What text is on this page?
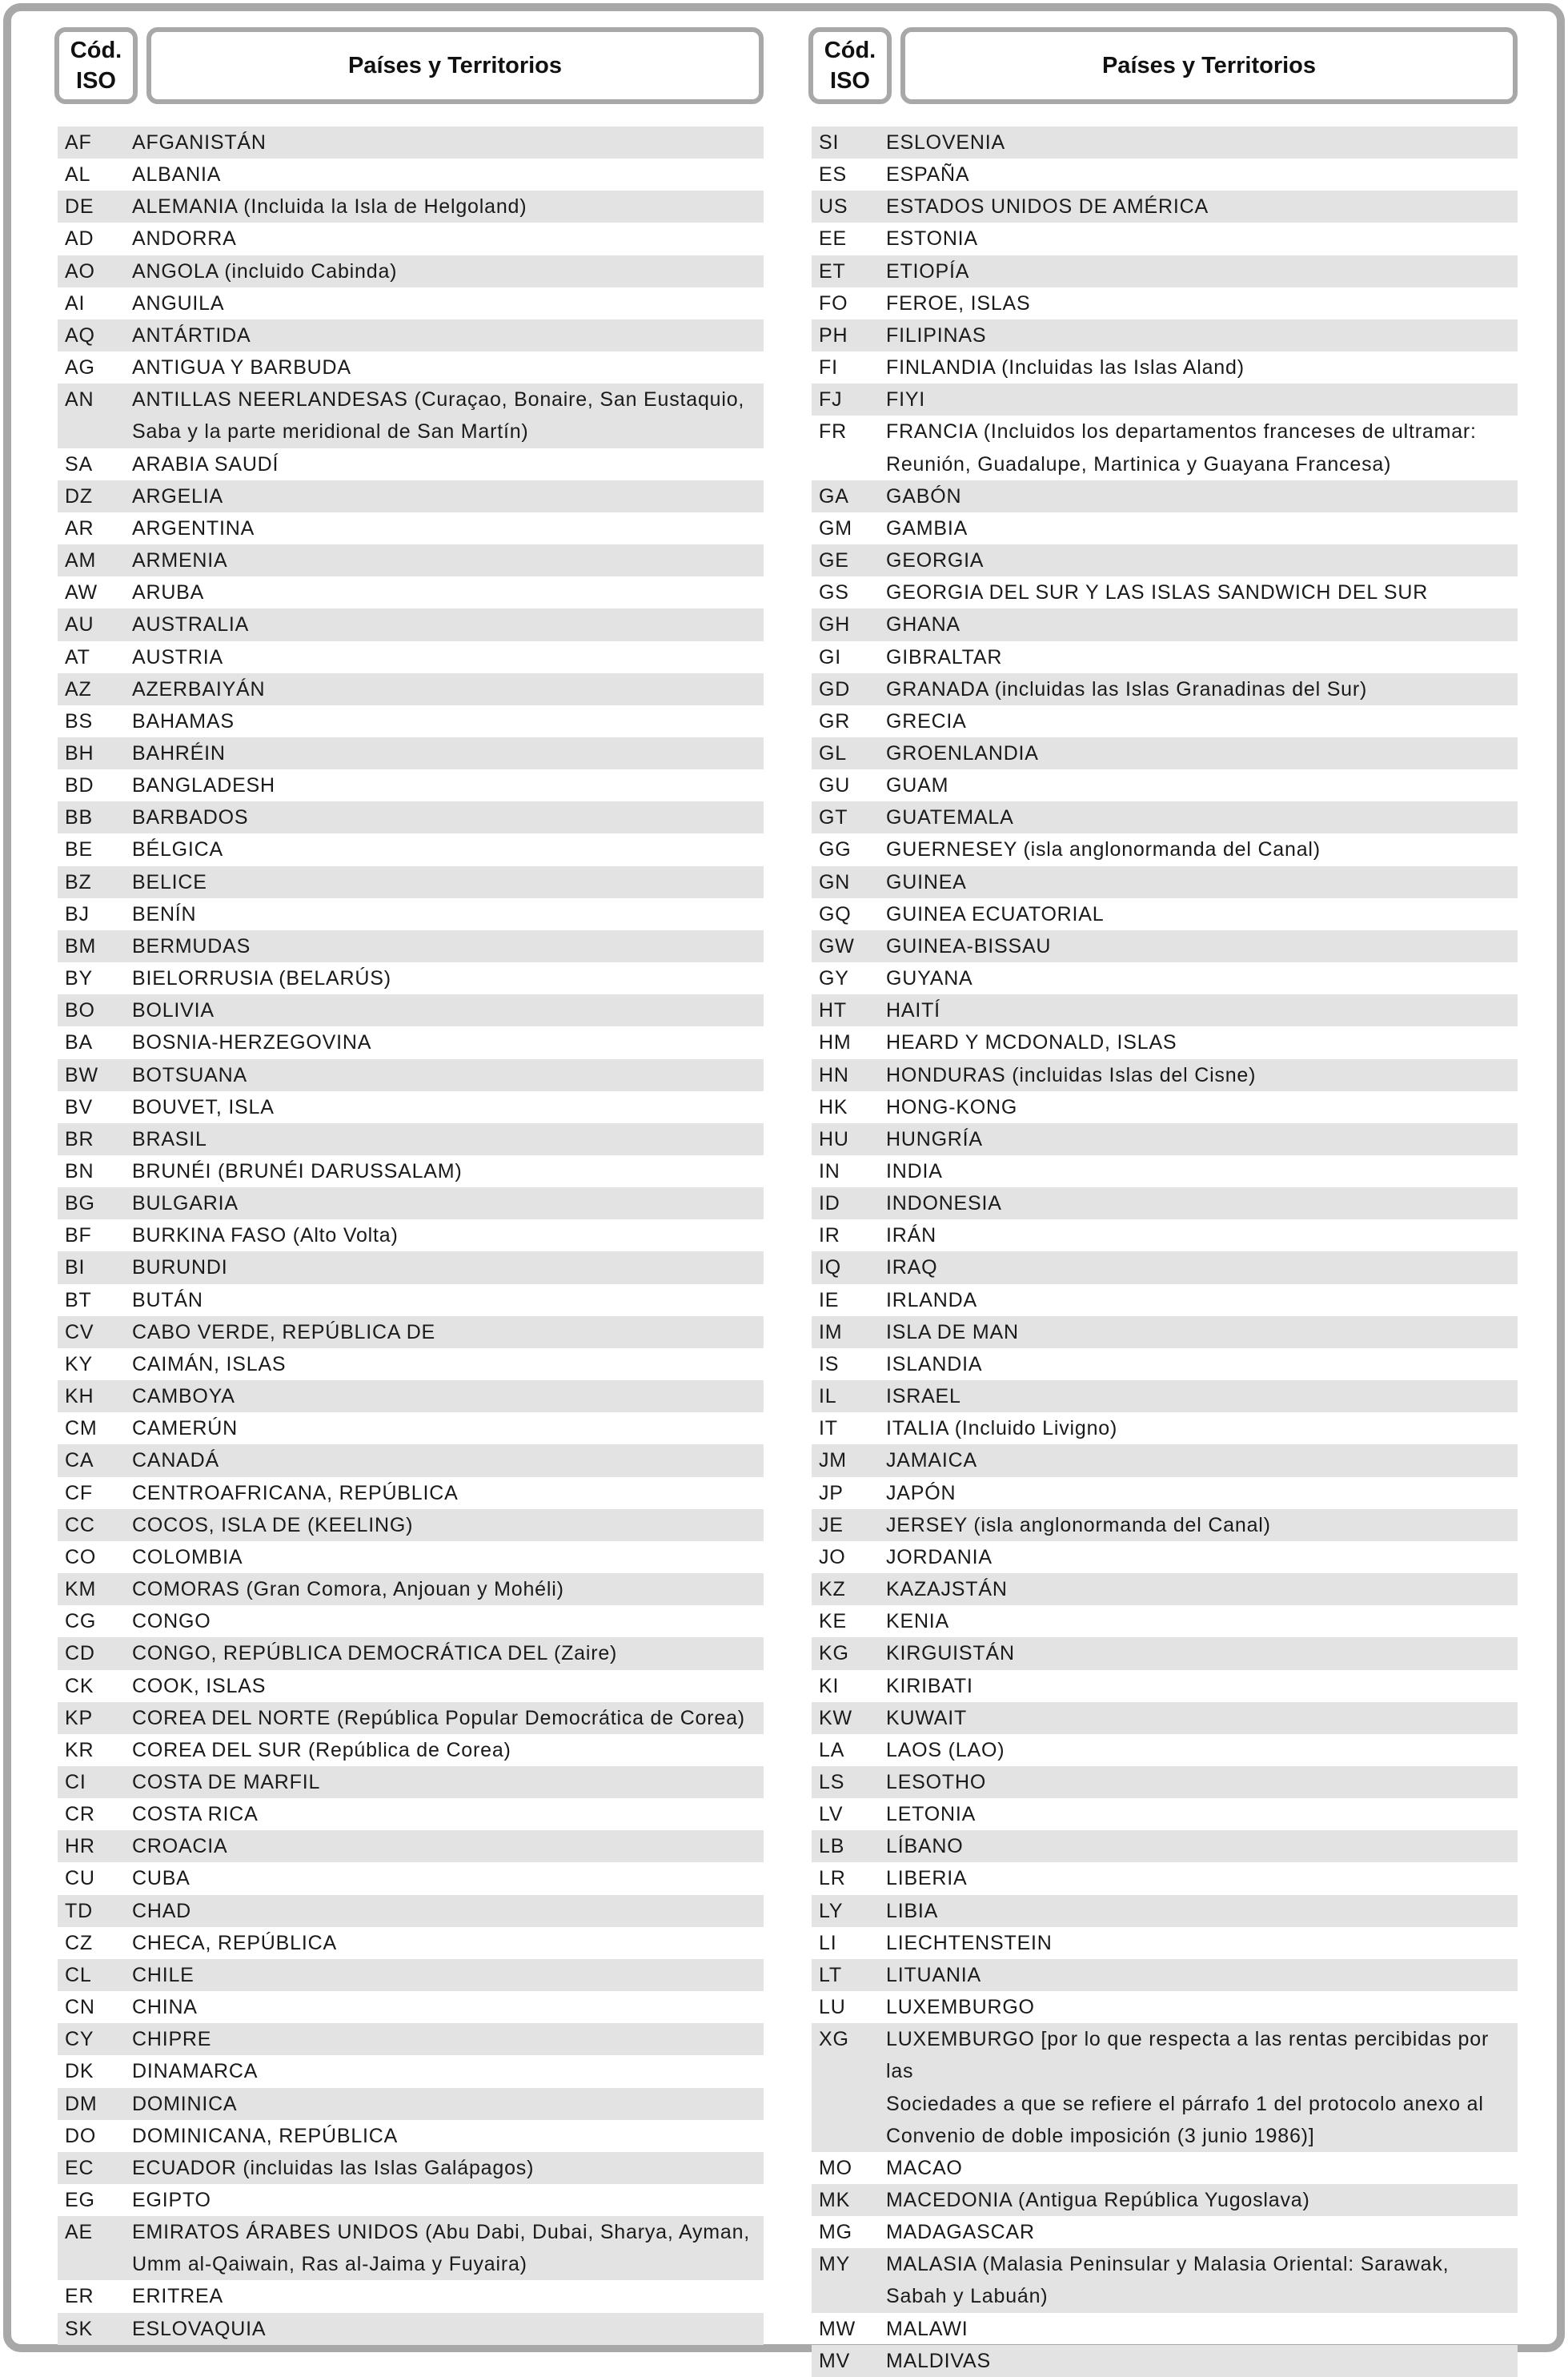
Cód.
ISO
Países y Territorios
AF	AFGANISTÁN
AL	ALBANIA
DE	ALEMANIA (Incluida la Isla de Helgoland)
AD	ANDORRA
AO	ANGOLA (incluido Cabinda)
AI	ANGUILA
AQ	ANTÁRTIDA
AG	ANTIGUA Y BARBUDA
AN	ANTILLAS NEERLANDESAS (Curaçao, Bonaire, San Eustaquio,
Saba y la parte meridional de San Martín)
SA	ARABIA SAUDÍ
DZ	ARGELIA
AR	ARGENTINA
AM	ARMENIA
AW	ARUBA
AU	AUSTRALIA
AT	AUSTRIA
AZ	AZERBAIYÁN
BS	BAHAMAS
BH	BAHRÉIN
BD	BANGLADESH
BB	BARBADOS
BE	BÉLGICA
BZ	BELICE
BJ	BENÍN
BM	BERMUDAS
BY	BIELORRUSIA (BELARÚS)
BO	BOLIVIA
BA	BOSNIA-HERZEGOVINA
BW	BOTSUANA
BV	BOUVET, ISLA
BR	BRASIL
BN	BRUNÉI (BRUNÉI DARUSSALAM)
BG	BULGARIA
BF	BURKINA FASO (Alto Volta)
BI	BURUNDI
BT	BUTÁN
CV	CABO VERDE, REPÚBLICA DE
KY	CAIMÁN, ISLAS
KH	CAMBOYA
CM	CAMERÚN
CA	CANADÁ
CF	CENTROAFRICANA, REPÚBLICA
CC	COCOS, ISLA DE (KEELING)
CO	COLOMBIA
KM	COMORAS (Gran Comora, Anjouan y Mohéli)
CG	CONGO
CD	CONGO, REPÚBLICA DEMOCRÁTICA DEL (Zaire)
CK	COOK, ISLAS
KP	COREA DEL NORTE (República Popular Democrática de Corea)
KR	COREA DEL SUR (República de Corea)
CI	COSTA DE MARFIL
CR	COSTA RICA
HR	CROACIA
CU	CUBA
TD	CHAD
CZ	CHECA, REPÚBLICA
CL	CHILE
CN	CHINA
CY	CHIPRE
DK	DINAMARCA
DM	DOMINICA
DO	DOMINICANA, REPÚBLICA
EC	ECUADOR (incluidas las Islas Galápagos)
EG	EGIPTO
AE	EMIRATOS ÁRABES UNIDOS (Abu Dabi, Dubai, Sharya, Ayman,
Umm al-Qaiwain, Ras al-Jaima y Fuyaira)
ER	ERITREA
SK	ESLOVAQUIA
Cód.
ISO
Países y Territorios
SI	ESLOVENIA
ES	ESPAÑA
US	ESTADOS UNIDOS DE AMÉRICA
EE	ESTONIA
ET	ETIOPÍA
FO	FEROE, ISLAS
PH	FILIPINAS
FI	FINLANDIA (Incluidas las Islas Aland)
FJ	FIYI
FR	FRANCIA (Incluidos los departamentos franceses de ultramar:
Reunión, Guadalupe, Martinica y Guayana Francesa)
GA	GABÓN
GM	GAMBIA
GE	GEORGIA
GS	GEORGIA DEL SUR Y LAS ISLAS SANDWICH DEL SUR
GH	GHANA
GI	GIBRALTAR
GD	GRANADA (incluidas las Islas Granadinas del Sur)
GR	GRECIA
GL	GROENLANDIA
GU	GUAM
GT	GUATEMALA
GG	GUERNESEY (isla anglonormanda del Canal)
GN	GUINEA
GQ	GUINEA ECUATORIAL
GW	GUINEA-BISSAU
GY	GUYANA
HT	HAITÍ
HM	HEARD Y MCDONALD, ISLAS
HN	HONDURAS (incluidas Islas del Cisne)
HK	HONG-KONG
HU	HUNGRÍA
IN	INDIA
ID	INDONESIA
IR	IRÁN
IQ	IRAQ
IE	IRLANDA
IM	ISLA DE MAN
IS	ISLANDIA
IL	ISRAEL
IT	ITALIA (Incluido Livigno)
JM	JAMAICA
JP	JAPÓN
JE	JERSEY (isla anglonormanda del Canal)
JO	JORDANIA
KZ	KAZAJSTÁN
KE	KENIA
KG	KIRGUISTÁN
KI	KIRIBATI
KW	KUWAIT
LA	LAOS (LAO)
LS	LESOTHO
LV	LETONIA
LB	LÍBANO
LR	LIBERIA
LY	LIBIA
LI	LIECHTENSTEIN
LT	LITUANIA
LU	LUXEMBURGO
XG	LUXEMBURGO [por lo que respecta a las rentas percibidas por las
Sociedades a que se refiere el párrafo 1 del protocolo anexo al
Convenio de doble imposición (3 junio 1986)]
MO	MACAO
MK	MACEDONIA (Antigua República Yugoslava)
MG	MADAGASCAR
MY	MALASIA (Malasia Peninsular y Malasia Oriental: Sarawak,
Sabah y Labuán)
MW	MALAWI
MV	MALDIVAS
